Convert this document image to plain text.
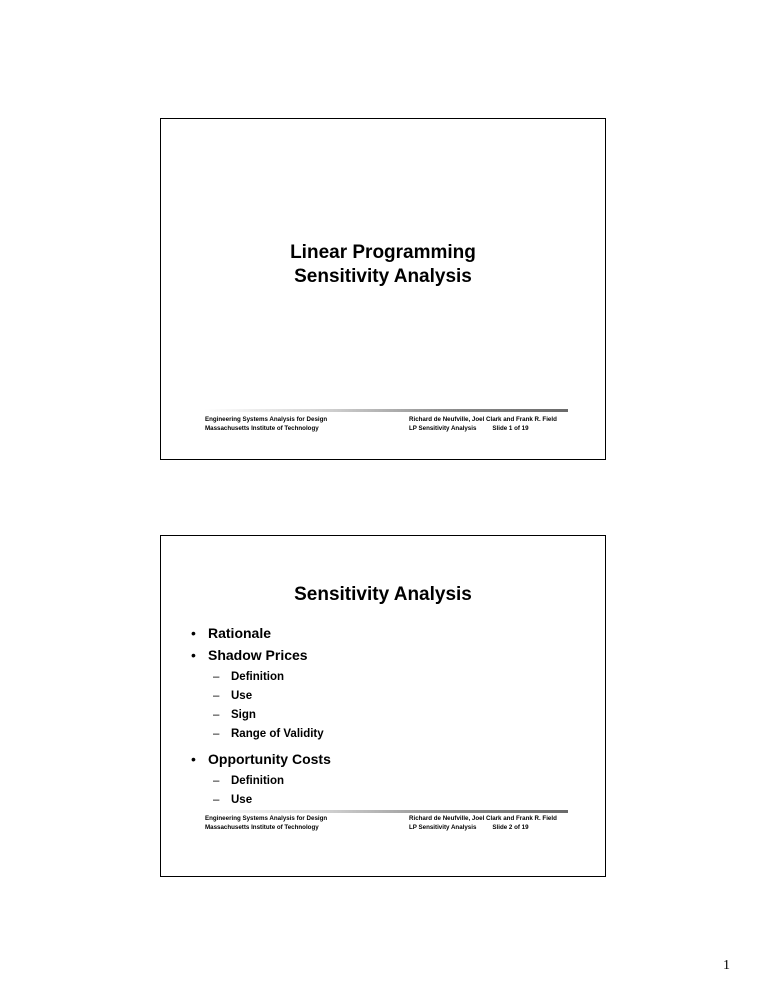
Linear Programming
Sensitivity Analysis
Engineering Systems Analysis for Design
Massachusetts Institute of Technology
Richard de Neufville, Joel Clark and Frank R. Field
LP Sensitivity Analysis	Slide 1 of 19
Sensitivity Analysis
• Rationale
• Shadow Prices
– Definition
– Use
– Sign
– Range of Validity
• Opportunity Costs
– Definition
– Use
Engineering Systems Analysis for Design
Massachusetts Institute of Technology
Richard de Neufville, Joel Clark and Frank R. Field
LP Sensitivity Analysis	Slide 2 of 19
1
